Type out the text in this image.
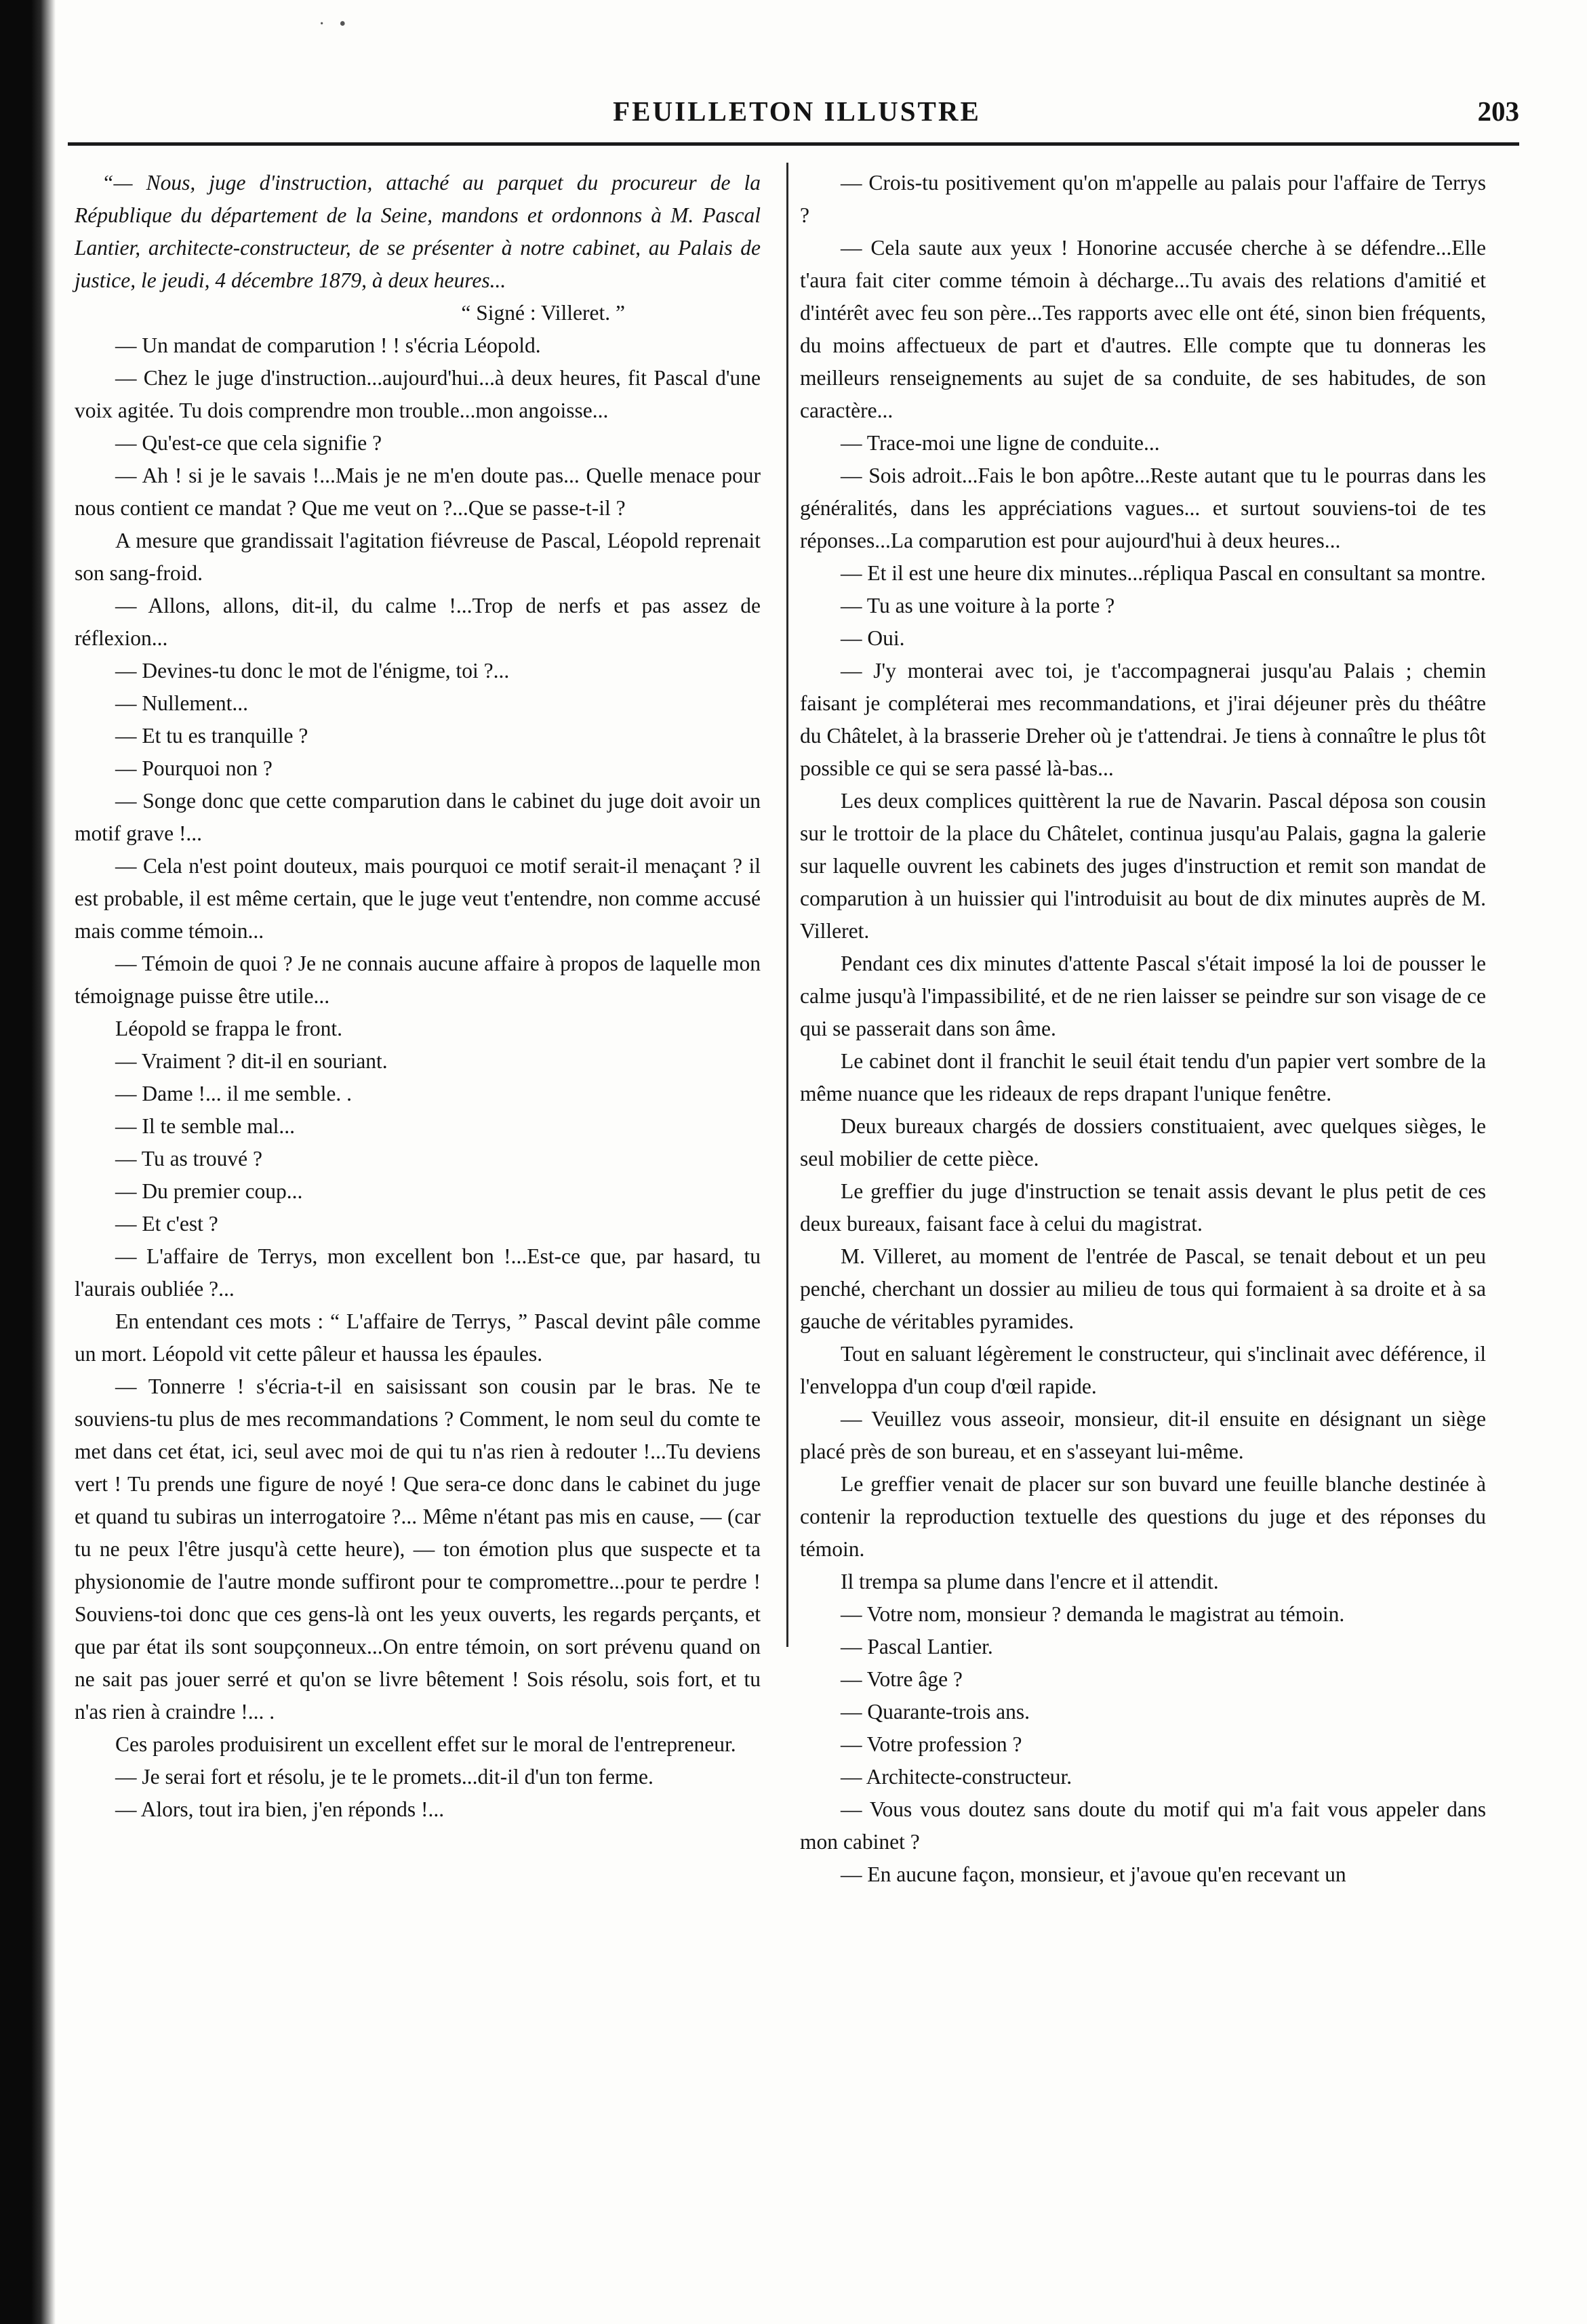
·   •
FEUILLETON ILLUSTRE	203

“— Nous, juge d'instruction, attaché au parquet du procureur de la République du département de la Seine, mandons et ordonnons à M. Pascal Lantier, architecte-constructeur, de se présenter à notre cabinet, au Palais de justice, le jeudi, 4 décembre 1879, à deux heures...

“ Signé : Villeret. ”

— Un mandat de comparution ! ! s'écria Léopold.

— Chez le juge d'instruction...aujourd'hui...à deux heures, fit Pascal d'une voix agitée. Tu dois comprendre mon trouble...mon angoisse...

— Qu'est-ce que cela signifie ?

— Ah ! si je le savais !...Mais je ne m'en doute pas... Quelle menace pour nous contient ce mandat ? Que me veut on ?...Que se passe-t-il ?

A mesure que grandissait l'agitation fiévreuse de Pascal, Léopold reprenait son sang-froid.

— Allons, allons, dit-il, du calme !...Trop de nerfs et pas assez de réflexion...

— Devines-tu donc le mot de l'énigme, toi ?...

— Nullement...

— Et tu es tranquille ?

— Pourquoi non ?

— Songe donc que cette comparution dans le cabinet du juge doit avoir un motif grave !...

— Cela n'est point douteux, mais pourquoi ce motif serait-il menaçant ? il est probable, il est même certain, que le juge veut t'entendre, non comme accusé mais comme témoin...

— Témoin de quoi ? Je ne connais aucune affaire à propos de laquelle mon témoignage puisse être utile...

Léopold se frappa le front.

— Vraiment ? dit-il en souriant.

— Dame !... il me semble. .

— Il te semble mal...

— Tu as trouvé ?

— Du premier coup...

— Et c'est ?

— L'affaire de Terrys, mon excellent bon !...Est-ce que, par hasard, tu l'aurais oubliée ?...

En entendant ces mots : “ L'affaire de Terrys, ” Pascal devint pâle comme un mort. Léopold vit cette pâleur et haussa les épaules.

— Tonnerre ! s'écria-t-il en saisissant son cousin par le bras. Ne te souviens-tu plus de mes recommandations ? Comment, le nom seul du comte te met dans cet état, ici, seul avec moi de qui tu n'as rien à redouter !...Tu deviens vert ! Tu prends une figure de noyé ! Que sera-ce donc dans le cabinet du juge et quand tu subiras un interrogatoire ?... Même n'étant pas mis en cause, — (car tu ne peux l'être jusqu'à cette heure), — ton émotion plus que suspecte et ta physionomie de l'autre monde suffiront pour te compromettre...pour te perdre ! Souviens-toi donc que ces gens-là ont les yeux ouverts, les regards perçants, et que par état ils sont soupçonneux...On entre témoin, on sort prévenu quand on ne sait pas jouer serré et qu'on se livre bêtement ! Sois résolu, sois fort, et tu n'as rien à craindre !... .

Ces paroles produisirent un excellent effet sur le moral de l'entrepreneur.

— Je serai fort et résolu, je te le promets...dit-il d'un ton ferme.

— Alors, tout ira bien, j'en réponds !...

— Crois-tu positivement qu'on m'appelle au palais pour l'affaire de Terrys ?

— Cela saute aux yeux ! Honorine accusée cherche à se défendre...Elle t'aura fait citer comme témoin à décharge...Tu avais des relations d'amitié et d'intérêt avec feu son père...Tes rapports avec elle ont été, sinon bien fréquents, du moins affectueux de part et d'autres. Elle compte que tu donneras les meilleurs renseignements au sujet de sa conduite, de ses habitudes, de son caractère...

— Trace-moi une ligne de conduite...

— Sois adroit...Fais le bon apôtre...Reste autant que tu le pourras dans les généralités, dans les appréciations vagues... et surtout souviens-toi de tes réponses...La comparution est pour aujourd'hui à deux heures...

— Et il est une heure dix minutes...répliqua Pascal en consultant sa montre.

— Tu as une voiture à la porte ?

— Oui.

— J'y monterai avec toi, je t'accompagnerai jusqu'au Palais ; chemin faisant je compléterai mes recommandations, et j'irai déjeuner près du théâtre du Châtelet, à la brasserie Dreher où je t'attendrai. Je tiens à connaître le plus tôt possible ce qui se sera passé là-bas...

Les deux complices quittèrent la rue de Navarin. Pascal déposa son cousin sur le trottoir de la place du Châtelet, continua jusqu'au Palais, gagna la galerie sur laquelle ouvrent les cabinets des juges d'instruction et remit son mandat de comparution à un huissier qui l'introduisit au bout de dix minutes auprès de M. Villeret.

Pendant ces dix minutes d'attente Pascal s'était imposé la loi de pousser le calme jusqu'à l'impassibilité, et de ne rien laisser se peindre sur son visage de ce qui se passerait dans son âme.

Le cabinet dont il franchit le seuil était tendu d'un papier vert sombre de la même nuance que les rideaux de reps drapant l'unique fenêtre.

Deux bureaux chargés de dossiers constituaient, avec quelques sièges, le seul mobilier de cette pièce.

Le greffier du juge d'instruction se tenait assis devant le plus petit de ces deux bureaux, faisant face à celui du magistrat.

M. Villeret, au moment de l'entrée de Pascal, se tenait debout et un peu penché, cherchant un dossier au milieu de tous qui formaient à sa droite et à sa gauche de véritables pyramides.

Tout en saluant légèrement le constructeur, qui s'inclinait avec déférence, il l'enveloppa d'un coup d'œil rapide.

— Veuillez vous asseoir, monsieur, dit-il ensuite en désignant un siège placé près de son bureau, et en s'asseyant lui-même.

Le greffier venait de placer sur son buvard une feuille blanche destinée à contenir la reproduction textuelle des questions du juge et des réponses du témoin.

Il trempa sa plume dans l'encre et il attendit.

— Votre nom, monsieur ? demanda le magistrat au témoin.

— Pascal Lantier.

— Votre âge ?

— Quarante-trois ans.

— Votre profession ?

— Architecte-constructeur.

— Vous vous doutez sans doute du motif qui m'a fait vous appeler dans mon cabinet ?

— En aucune façon, monsieur, et j'avoue qu'en recevant un
